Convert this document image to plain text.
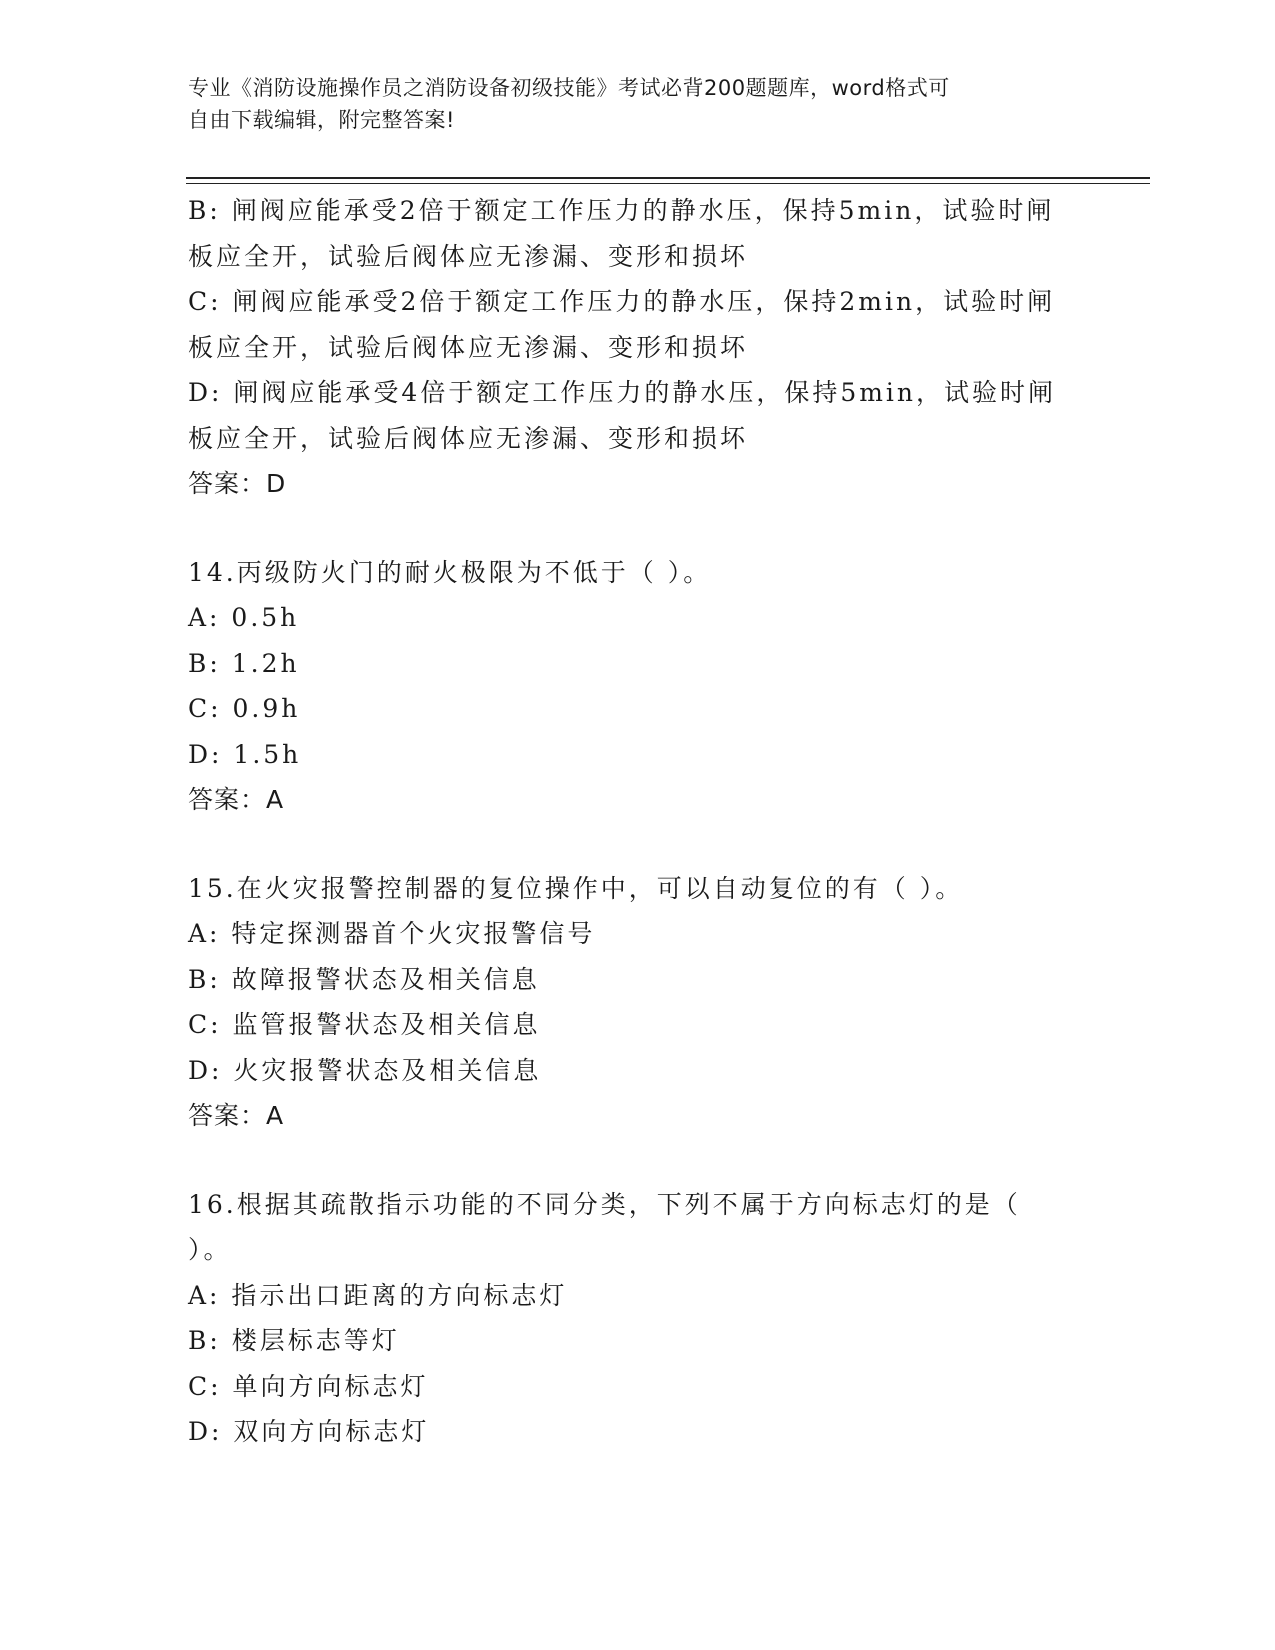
专业《消防设施操作员之消防设备初级技能》考试必背200题题库，word格式可
自由下载编辑，附完整答案!
B: 闸阀应能承受2倍于额定工作压力的静水压，保持5min，试验时闸
板应全开，试验后阀体应无渗漏、变形和损坏
C: 闸阀应能承受2倍于额定工作压力的静水压，保持2min，试验时闸
板应全开，试验后阀体应无渗漏、变形和损坏
D: 闸阀应能承受4倍于额定工作压力的静水压，保持5min，试验时闸
板应全开，试验后阀体应无渗漏、变形和损坏
答案：D
14.丙级防火门的耐火极限为不低于（ ）。
A: 0.5h
B: 1.2h
C: 0.9h
D: 1.5h
答案：A
15.在火灾报警控制器的复位操作中，可以自动复位的有（ ）。
A: 特定探测器首个火灾报警信号
B: 故障报警状态及相关信息
C: 监管报警状态及相关信息
D: 火灾报警状态及相关信息
答案：A
16.根据其疏散指示功能的不同分类，下列不属于方向标志灯的是（
）。
A: 指示出口距离的方向标志灯
B: 楼层标志等灯
C: 单向方向标志灯
D: 双向方向标志灯
